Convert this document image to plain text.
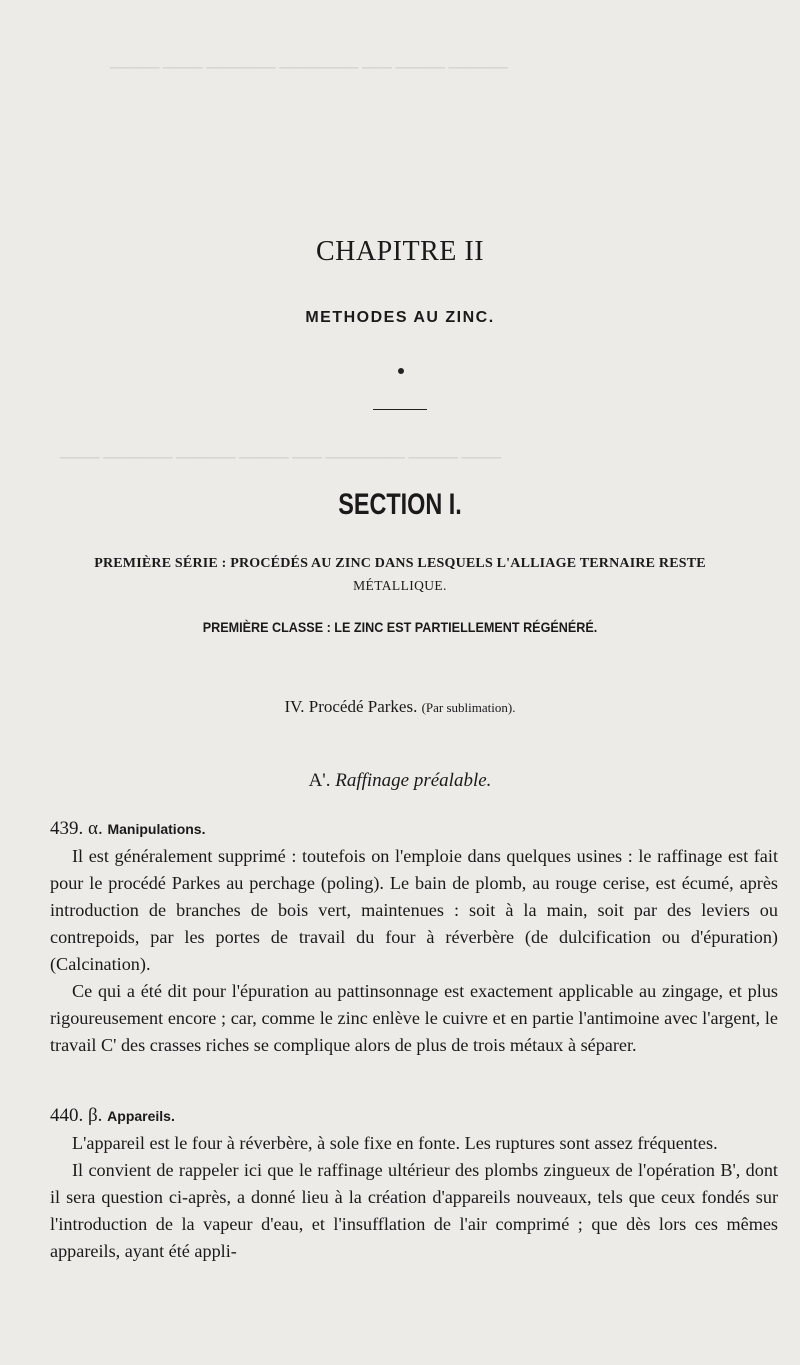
────── ───── ─── ──────── ─────── ──── ─────
──── ───── ──────── ─── ───── ────── ─────── ────
CHAPITRE II
METHODES AU ZINC.
SECTION I.
PREMIÈRE SÉRIE : PROCÉDÉS AU ZINC DANS LESQUELS L'ALLIAGE TERNAIRE RESTE
MÉTALLIQUE.
PREMIÈRE CLASSE : LE ZINC EST PARTIELLEMENT RÉGÉNÉRÉ.
IV. Procédé Parkes. (Par sublimation).
A'. Raffinage préalable.
439. α. Manipulations.

Il est généralement supprimé : toutefois on l'emploie dans quelques usines : le raffinage est fait pour le procédé Parkes au perchage (poling). Le bain de plomb, au rouge cerise, est écumé, après introduction de branches de bois vert, maintenues : soit à la main, soit par des leviers ou contrepoids, par les portes de travail du four à réverbère (de dulcification ou d'épuration) (Calcination).

Ce qui a été dit pour l'épuration au pattinsonnage est exactement applicable au zingage, et plus rigoureusement encore ; car, comme le zinc enlève le cuivre et en partie l'antimoine avec l'argent, le travail C' des crasses riches se complique alors de plus de trois métaux à séparer.

440. β. Appareils.

L'appareil est le four à réverbère, à sole fixe en fonte. Les ruptures sont assez fréquentes.

Il convient de rappeler ici que le raffinage ultérieur des plombs zingueux de l'opération B', dont il sera question ci-après, a donné lieu à la création d'appareils nouveaux, tels que ceux fondés sur l'introduction de la vapeur d'eau, et l'insufflation de l'air comprimé ; que dès lors ces mêmes appareils, ayant été appli-
